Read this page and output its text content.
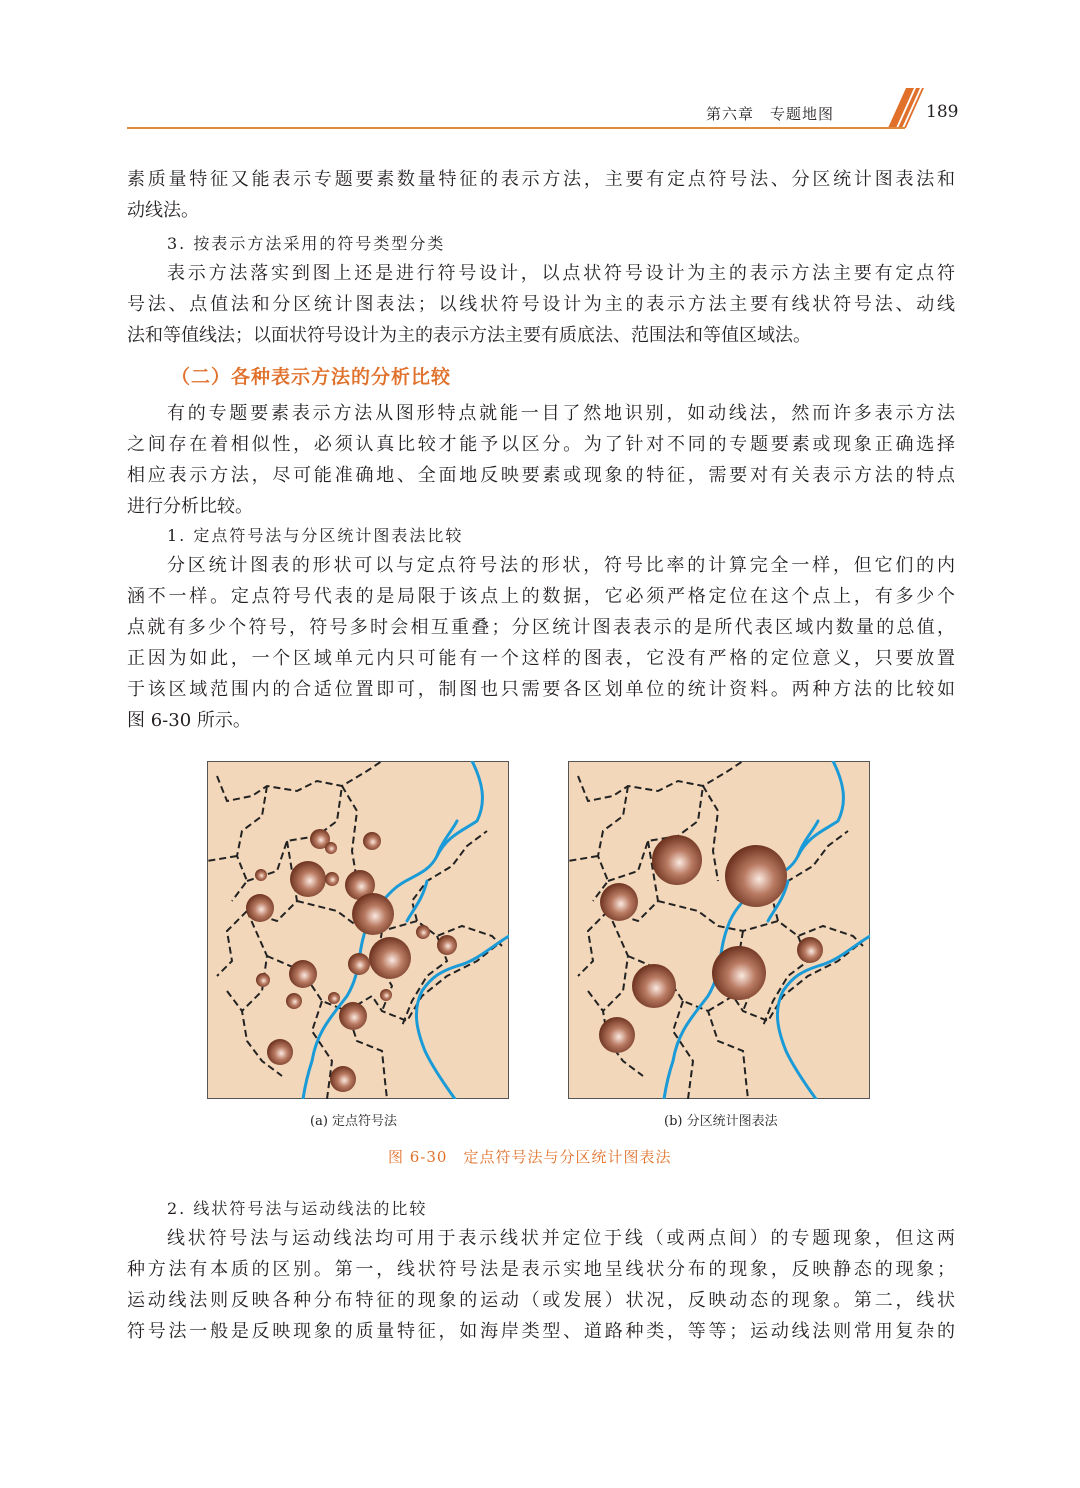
第六章　专题地图	189
素质量特征又能表示专题要素数量特征的表示方法，主要有定点符号法、分区统计图表法和
动线法。
3. 按表示方法采用的符号类型分类
表示方法落实到图上还是进行符号设计，以点状符号设计为主的表示方法主要有定点符
号法、点值法和分区统计图表法；以线状符号设计为主的表示方法主要有线状符号法、动线
法和等值线法；以面状符号设计为主的表示方法主要有质底法、范围法和等值区域法。
（二）各种表示方法的分析比较
有的专题要素表示方法从图形特点就能一目了然地识别，如动线法，然而许多表示方法
之间存在着相似性，必须认真比较才能予以区分。为了针对不同的专题要素或现象正确选择
相应表示方法，尽可能准确地、全面地反映要素或现象的特征，需要对有关表示方法的特点
进行分析比较。
1. 定点符号法与分区统计图表法比较
分区统计图表的形状可以与定点符号法的形状，符号比率的计算完全一样，但它们的内
涵不一样。定点符号代表的是局限于该点上的数据，它必须严格定位在这个点上，有多少个
点就有多少个符号，符号多时会相互重叠；分区统计图表表示的是所代表区域内数量的总值，
正因为如此，一个区域单元内只可能有一个这样的图表，它没有严格的定位意义，只要放置
于该区域范围内的合适位置即可，制图也只需要各区划单位的统计资料。两种方法的比较如
图 6-30 所示。
(a) 定点符号法	(b) 分区统计图表法
图 6-30　定点符号法与分区统计图表法
2. 线状符号法与运动线法的比较
线状符号法与运动线法均可用于表示线状并定位于线（或两点间）的专题现象，但这两
种方法有本质的区别。第一，线状符号法是表示实地呈线状分布的现象，反映静态的现象；
运动线法则反映各种分布特征的现象的运动（或发展）状况，反映动态的现象。第二，线状
符号法一般是反映现象的质量特征，如海岸类型、道路种类，等等；运动线法则常用复杂的
